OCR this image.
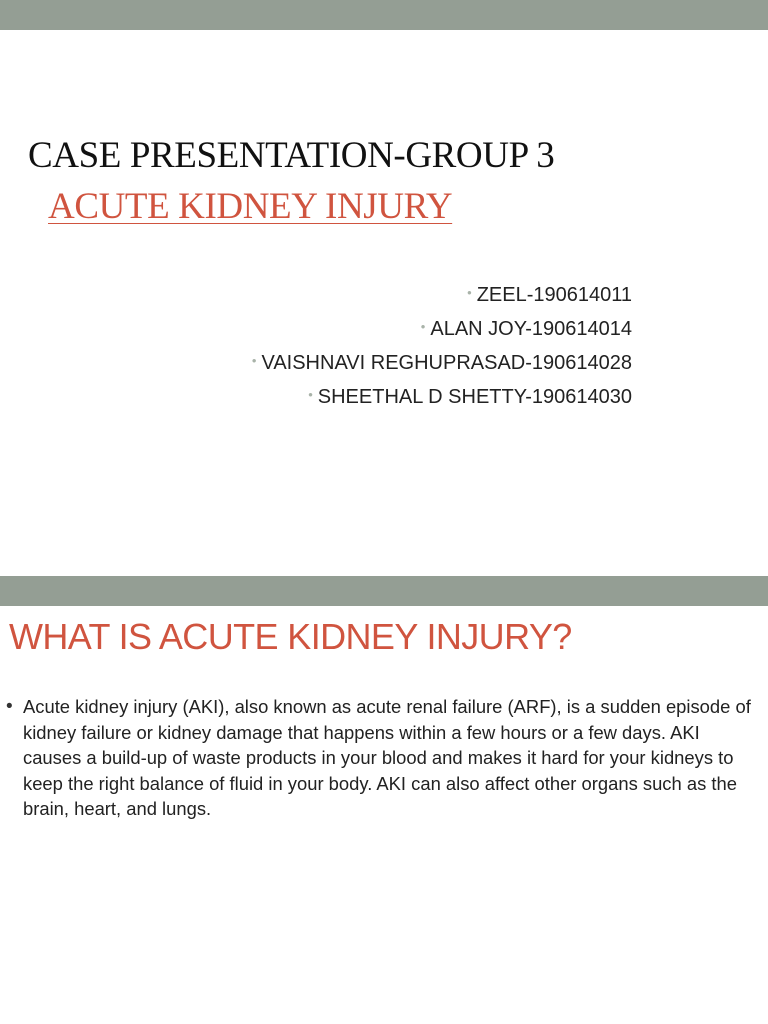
CASE PRESENTATION-GROUP 3
ACUTE KIDNEY INJURY
• ZEEL-190614011
• ALAN JOY-190614014
• VAISHNAVI REGHUPRASAD-190614028
• SHEETHAL D SHETTY-190614030
WHAT IS ACUTE KIDNEY INJURY?
• Acute kidney injury (AKI), also known as acute renal failure (ARF), is a sudden episode of kidney failure or kidney damage that happens within a few hours or a few days. AKI causes a build-up of waste products in your blood and makes it hard for your kidneys to keep the right balance of fluid in your body. AKI can also affect other organs such as the brain, heart, and lungs.
